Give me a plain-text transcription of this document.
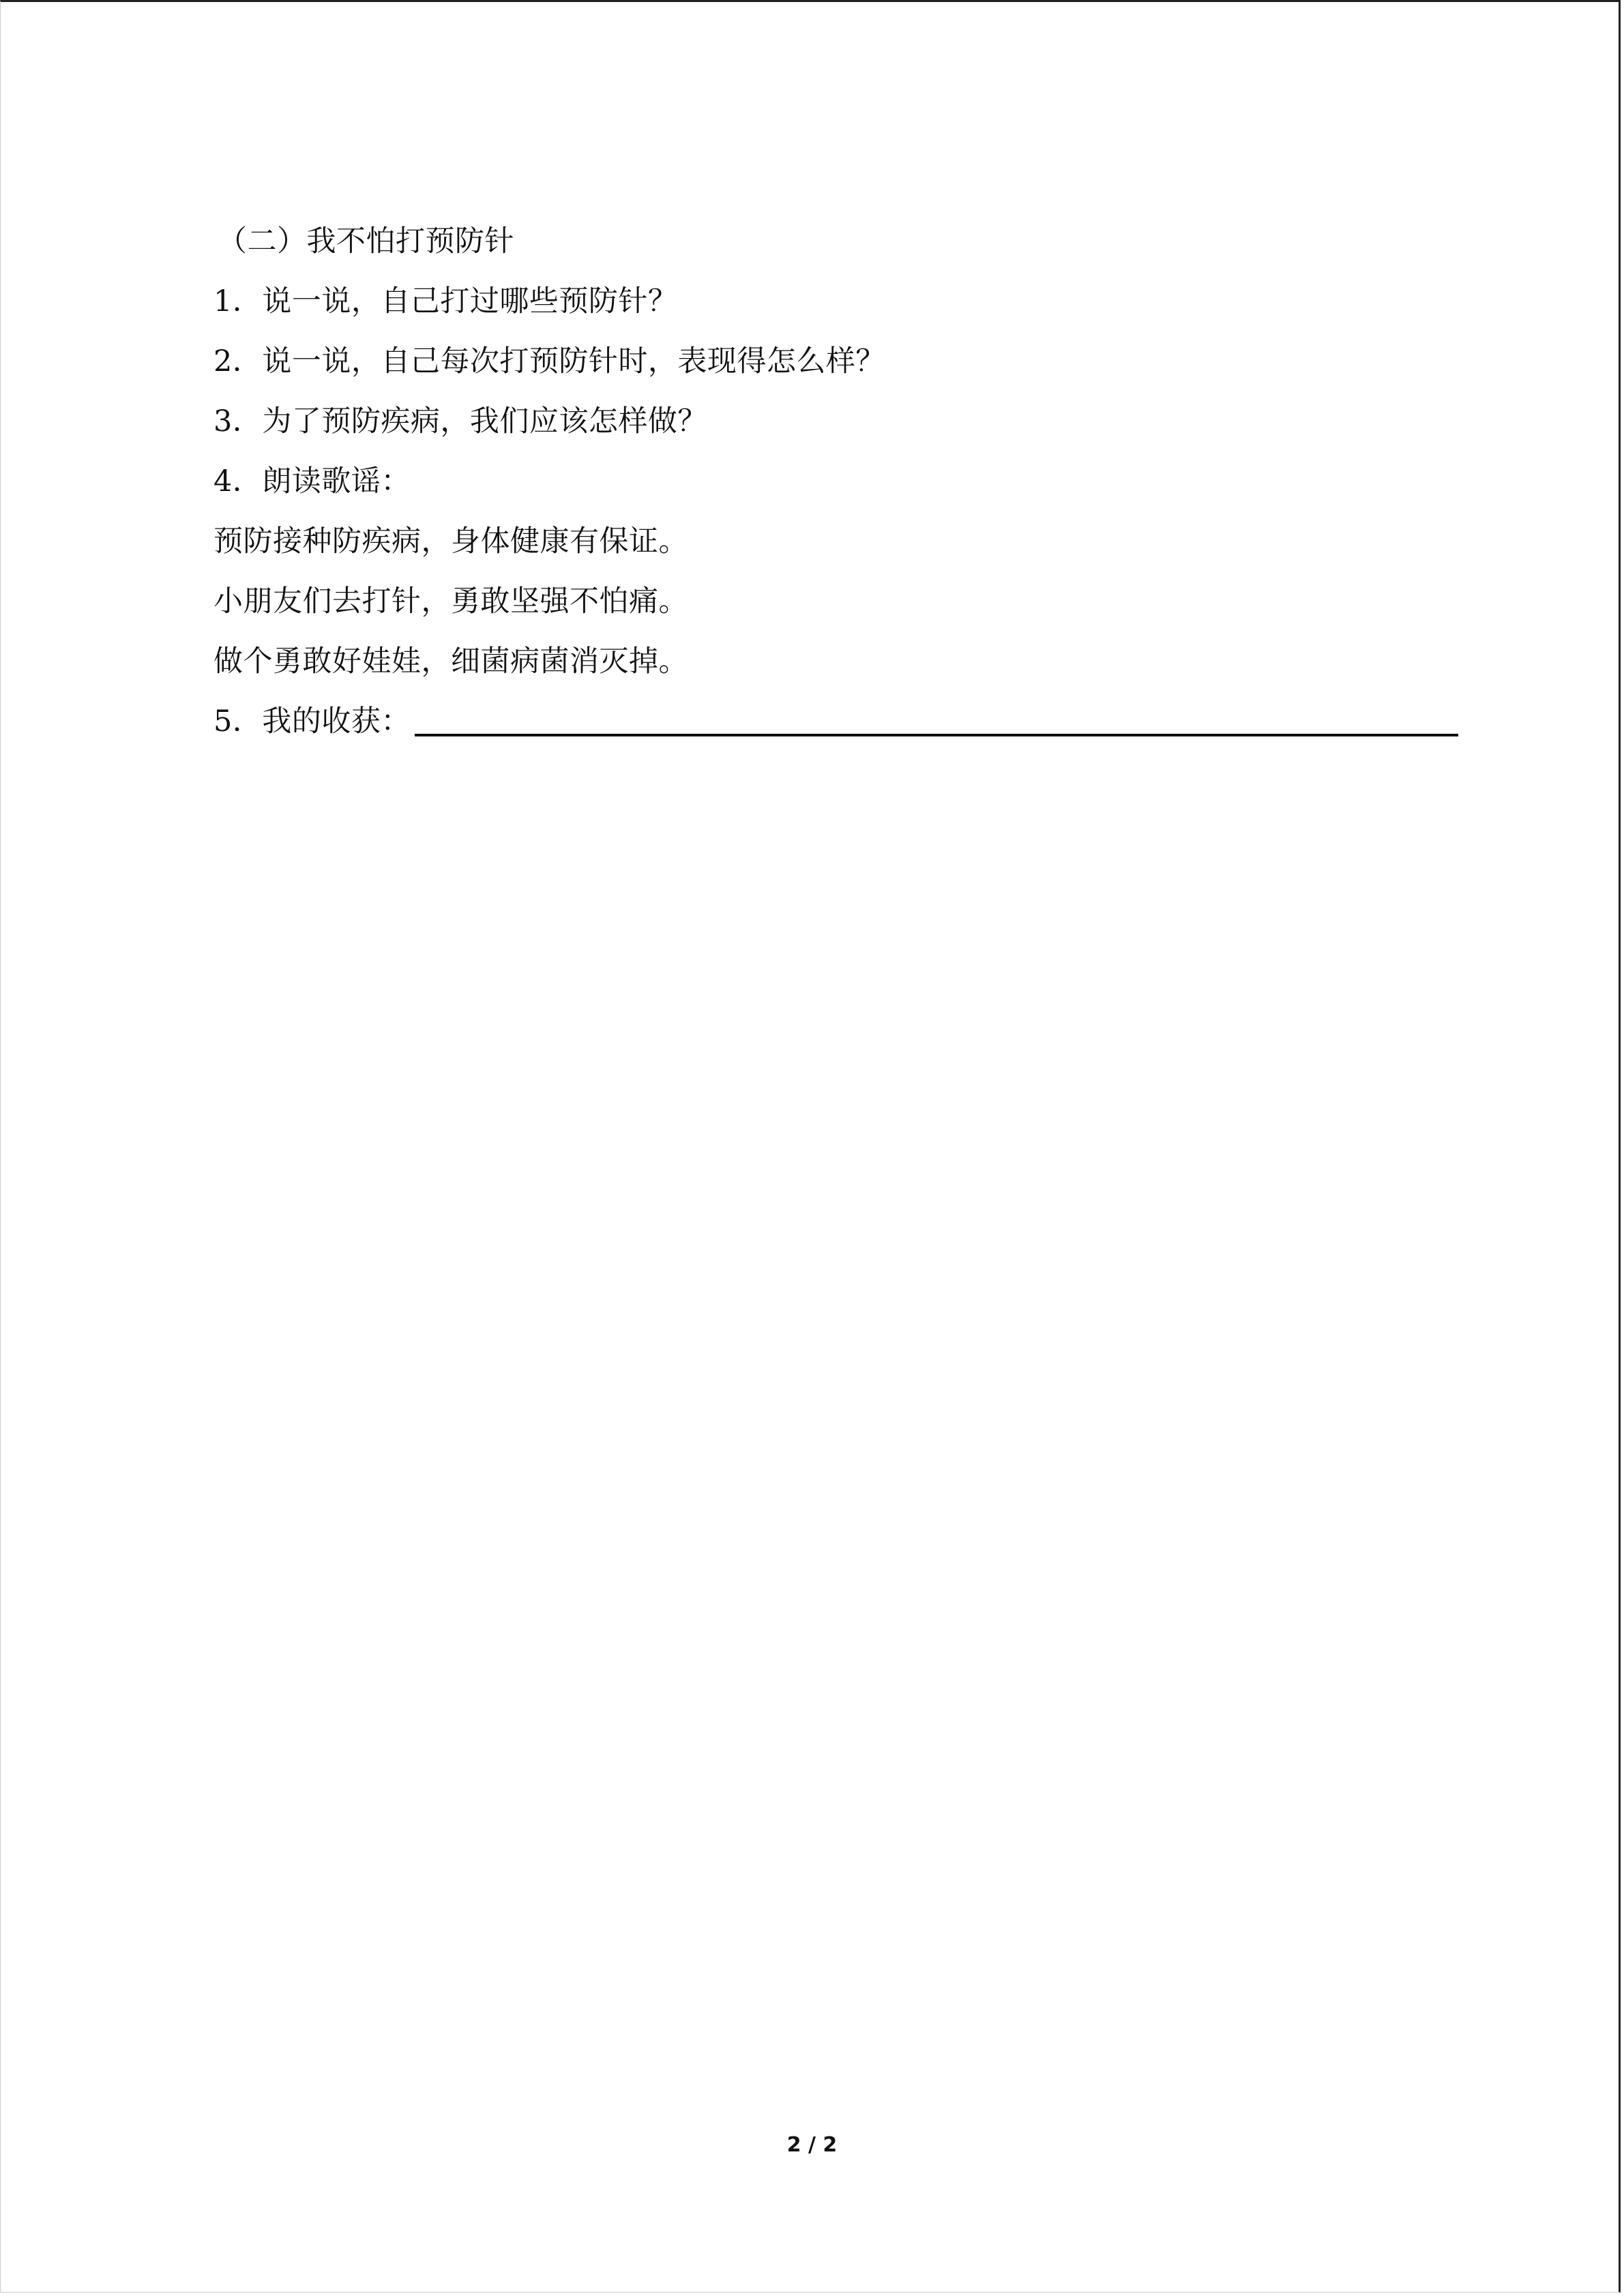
（二）我不怕打预防针
1．说一说，自己打过哪些预防针？
2．说一说，自己每次打预防针时，表现得怎么样？
3．为了预防疾病，我们应该怎样做？
4．朗读歌谣：
预防接种防疾病，身体健康有保证。
小朋友们去打针，勇敢坚强不怕痛。
做个勇敢好娃娃，细菌病菌消灭掉。
5．我的收获：
2 / 2
